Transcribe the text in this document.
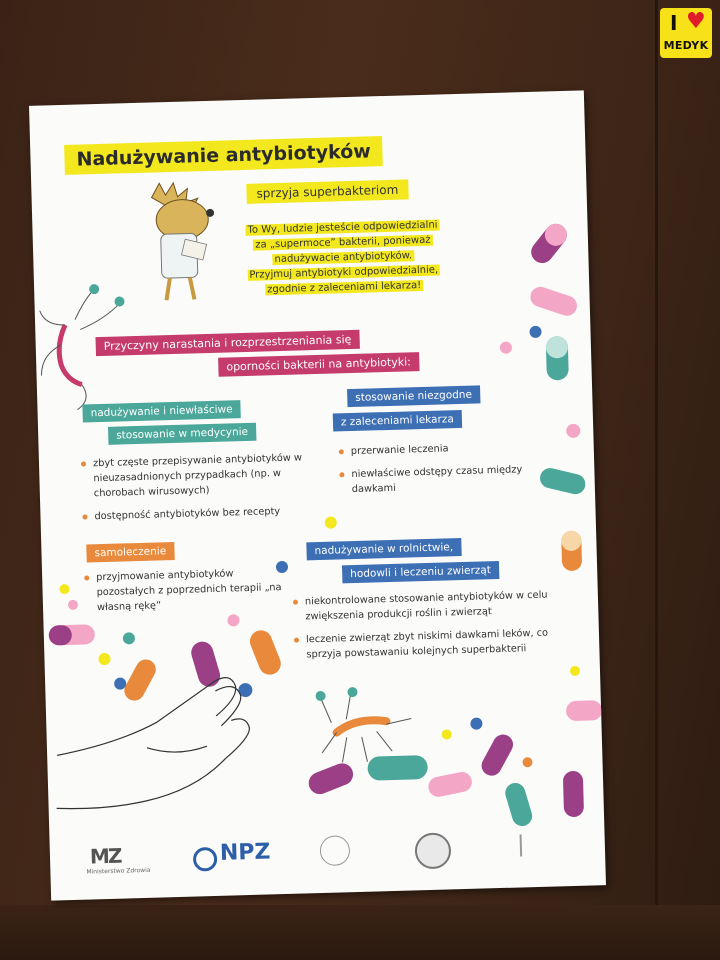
I ♥
MEDYK
Nadużywanie antybiotyków
sprzyja superbakteriom
To Wy, ludzie jesteście odpowiedzialni
za „supermoce” bakterii, ponieważ
nadużywacie antybiotyków.
Przyjmuj antybiotyki odpowiedzialnie,
zgodnie z zaleceniami lekarza!
Przyczyny narastania i rozprzestrzeniania się
oporności bakterii na antybiotyki:
nadużywanie i niewłaściwe
stosowanie w medycynie
stosowanie niezgodne
z zaleceniami lekarza
zbyt częste przepisywanie antybiotyków w nieuzasadnionych przypadkach (np. w chorobach wirusowych)
dostępność antybiotyków bez recepty
przerwanie leczenia
niewłaściwe odstępy czasu między dawkami
samoleczenie
przyjmowanie antybiotyków pozostałych z poprzednich terapii „na własną rękę”
nadużywanie w rolnictwie,
hodowli i leczeniu zwierząt
niekontrolowane stosowanie antybiotyków w celu zwiększenia produkcji roślin i zwierząt
leczenie zwierząt zbyt niskimi dawkami leków, co sprzyja powstawaniu kolejnych superbakterii
MZ
Ministerstwo Zdrowia
NPZ
